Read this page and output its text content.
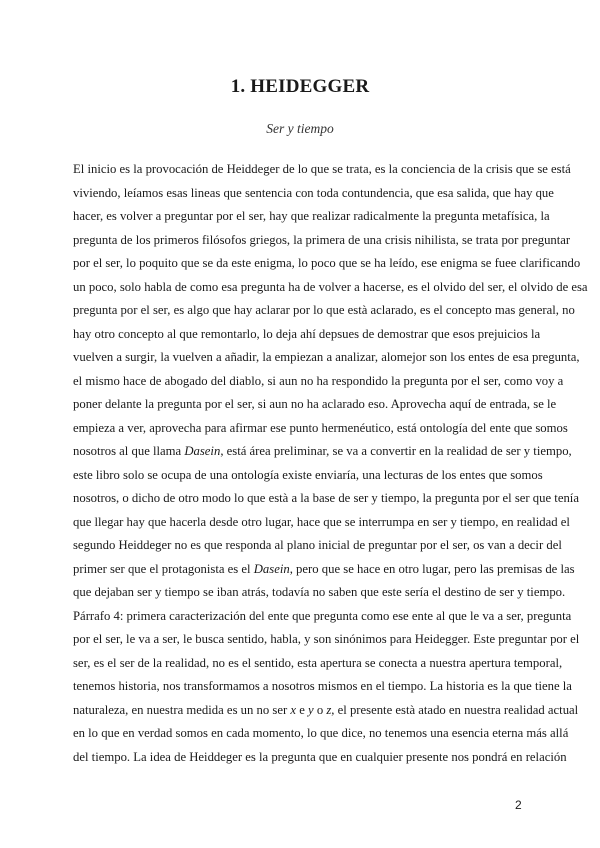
1. HEIDEGGER
Ser y tiempo
El inicio es la provocación de Heiddeger de lo que se trata, es la conciencia de la crisis que se está
viviendo, leíamos esas lineas que sentencia con toda contundencia, que esa salida, que hay que
hacer, es volver a preguntar por el ser, hay que realizar radicalmente la pregunta metafísica, la
pregunta de los primeros filósofos griegos, la primera de una crisis nihilista, se trata por preguntar
por el ser, lo poquito que se da este enigma, lo poco que se ha leído, ese enigma se fuee clarificando
un poco, solo habla de como esa pregunta ha de volver a hacerse, es el olvido del ser, el olvido de esa
pregunta por el ser, es algo que hay aclarar por lo que està aclarado, es el concepto mas general, no
hay otro concepto al que remontarlo, lo deja ahí depsues de demostrar que esos prejuicios la
vuelven a surgir, la vuelven a añadir, la empiezan a analizar, alomejor son los entes de esa pregunta,
el mismo hace de abogado del diablo, si aun no ha respondido la pregunta por el ser, como voy a
poner delante la pregunta por el ser, si aun no ha aclarado eso. Aprovecha aquí de entrada, se le
empieza a ver, aprovecha para afirmar ese punto hermenéutico, está ontología del ente que somos
nosotros al que llama Dasein, está área preliminar, se va a convertir en la realidad de ser y tiempo,
este libro solo se ocupa de una ontología existe enviaría, una lecturas de los entes que somos
nosotros, o dicho de otro modo lo que està a la base de ser y tiempo, la pregunta por el ser que tenía
que llegar hay que hacerla desde otro lugar, hace que se interrumpa en ser y tiempo, en realidad el
segundo Heiddeger no es que responda al plano inicial de preguntar por el ser, os van a decir del
primer ser que el protagonista es el Dasein, pero que se hace en otro lugar, pero las premisas de las
que dejaban ser y tiempo se iban atrás, todavía no saben que este sería el destino de ser y tiempo.
Párrafo 4: primera caracterización del ente que pregunta como ese ente al que le va a ser, pregunta
por el ser, le va a ser, le busca sentido, habla, y son sinónimos para Heidegger. Este preguntar por el
ser, es el ser de la realidad, no es el sentido, esta apertura se conecta a nuestra apertura temporal,
tenemos historia, nos transformamos a nosotros mismos en el tiempo. La historia es la que tiene la
naturaleza, en nuestra medida es un no ser x e y o z, el presente està atado en nuestra realidad actual
en lo que en verdad somos en cada momento, lo que dice, no tenemos una esencia eterna más allá
del tiempo. La idea de Heiddeger es la pregunta que en cualquier presente nos pondrá en relación
2
